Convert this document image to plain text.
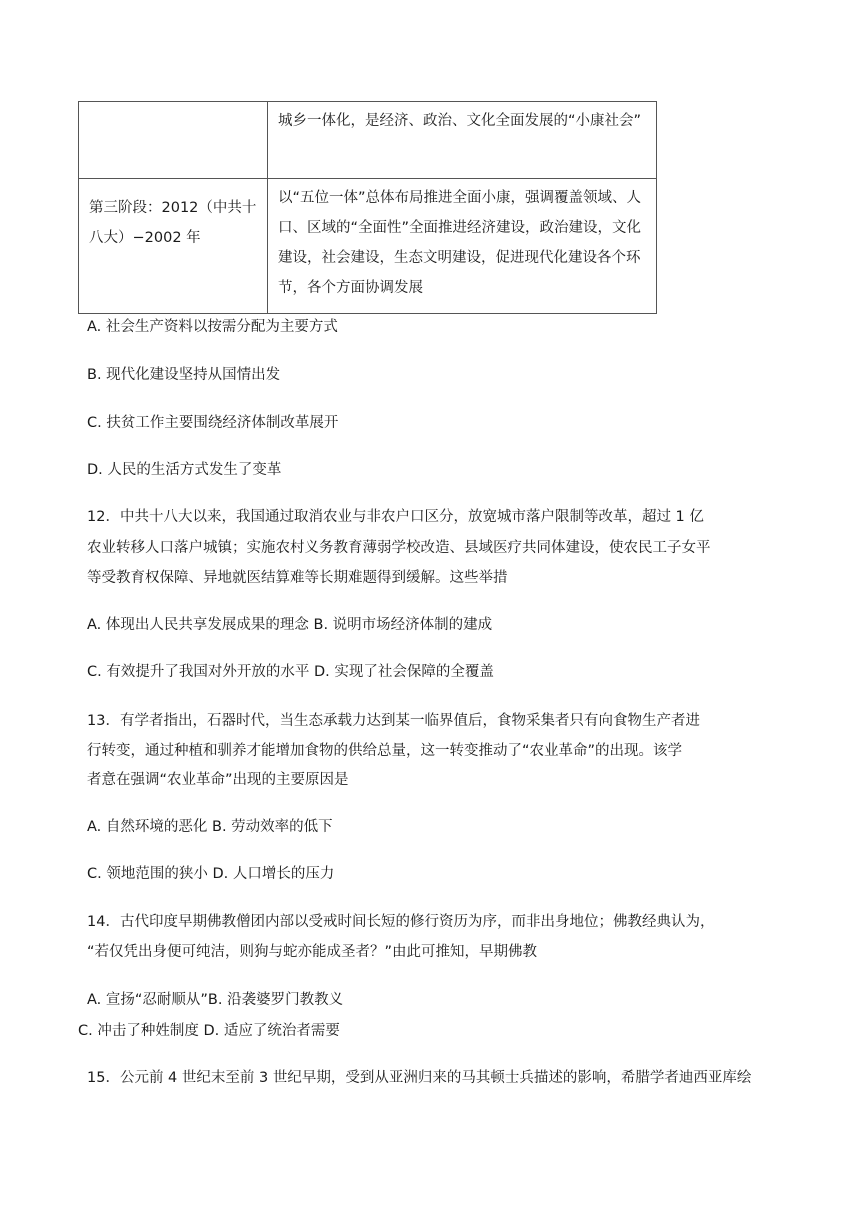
	城乡一体化，是经济、政治、文化全面发展的“小康社会”
第三阶段：2012（中共十八大）−2002 年	以“五位一体”总体布局推进全面小康，强调覆盖领域、人口、区域的“全面性”全面推进经济建设，政治建设，文化建设，社会建设，生态文明建设，促进现代化建设各个环节，各个方面协调发展
A. 社会生产资料以按需分配为主要方式
B. 现代化建设坚持从国情出发
C. 扶贫工作主要围绕经济体制改革展开
D. 人民的生活方式发生了变革
12．中共十八大以来，我国通过取消农业与非农户口区分，放宽城市落户限制等改革，超过 1 亿
农业转移人口落户城镇；实施农村义务教育薄弱学校改造、县域医疗共同体建设，使农民工子女平
等受教育权保障、异地就医结算难等长期难题得到缓解。这些举措
A. 体现出人民共享发展成果的理念 B. 说明市场经济体制的建成
C. 有效提升了我国对外开放的水平 D. 实现了社会保障的全覆盖
13．有学者指出，石器时代，当生态承载力达到某一临界值后，食物采集者只有向食物生产者进
行转变，通过种植和驯养才能增加食物的供给总量，这一转变推动了“农业革命”的出现。该学
者意在强调“农业革命”出现的主要原因是
A. 自然环境的恶化 B. 劳动效率的低下
C. 领地范围的狭小 D. 人口增长的压力
14．古代印度早期佛教僧团内部以受戒时间长短的修行资历为序，而非出身地位；佛教经典认为，
“若仅凭出身便可纯洁，则狗与蛇亦能成圣者？”由此可推知，早期佛教
A. 宣扬“忍耐顺从”B. 沿袭婆罗门教教义
C. 冲击了种姓制度 D. 适应了统治者需要
15．公元前 4 世纪末至前 3 世纪早期，受到从亚洲归来的马其顿士兵描述的影响，希腊学者迪西亚库绘
